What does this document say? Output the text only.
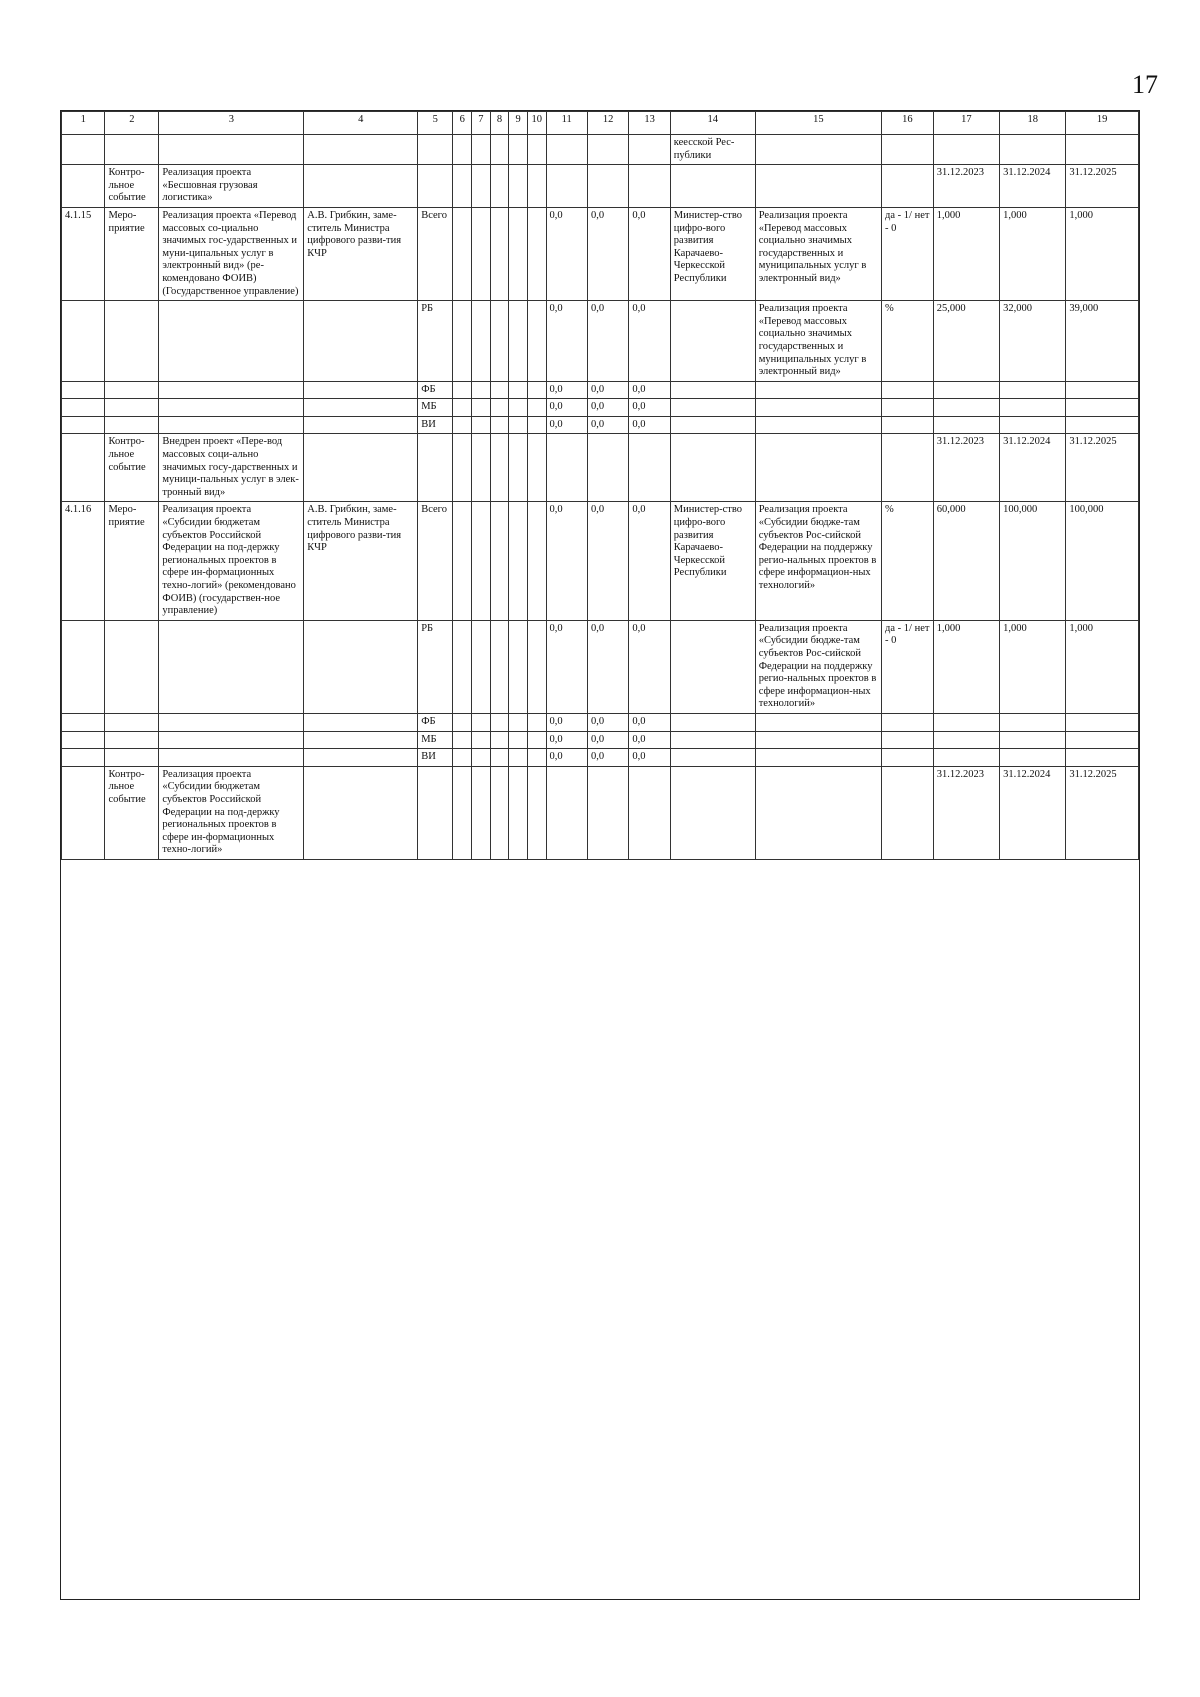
17
1	2	3	4	5	6	7	8	9	10	11	12	13	14	15	16	17	18	19
													кеесской Рес-публики					
	Контро-льное событие	Реализация проекта «Бесшовная грузовая логистика»														31.12.2023	31.12.2024	31.12.2025
4.1.15	Меро-приятие	Реализация проекта «Перевод массовых со-циально значимых гос-ударственных и муни-ципальных услуг в электронный вид» (ре-комендовано ФОИВ) (Государственное управление)	А.В. Грибкин, заме-ститель Министра цифрового разви-тия КЧР	Всего						0,0	0,0	0,0	Министер-ство цифро-вого развития Карачаево-Черкесской Республики	Реализация проекта «Перевод массовых социально значимых государственных и муниципальных услуг в электронный вид»	да - 1/ нет - 0	1,000	1,000	1,000
				РБ						0,0	0,0	0,0		Реализация проекта «Перевод массовых социально значимых государственных и муниципальных услуг в электронный вид»	%	25,000	32,000	39,000
				ФБ						0,0	0,0	0,0						
				МБ						0,0	0,0	0,0						
				ВИ						0,0	0,0	0,0						
	Контро-льное событие	Внедрен проект «Пере-вод массовых соци-ально значимых госу-дарственных и муници-пальных услуг в элек-тронный вид»														31.12.2023	31.12.2024	31.12.2025
4.1.16	Меро-приятие	Реализация проекта «Субсидии бюджетам субъектов Российской Федерации на под-держку региональных проектов в сфере ин-формационных техно-логий» (рекомендовано ФОИВ) (государствен-ное управление)	А.В. Грибкин, заме-ститель Министра цифрового разви-тия КЧР	Всего						0,0	0,0	0,0	Министер-ство цифро-вого развития Карачаево-Черкесской Республики	Реализация проекта «Субсидии бюдже-там субъектов Рос-сийской Федерации на поддержку регио-нальных проектов в сфере информацион-ных технологий»	%	60,000	100,000	100,000
				РБ						0,0	0,0	0,0		Реализация проекта «Субсидии бюдже-там субъектов Рос-сийской Федерации на поддержку регио-нальных проектов в сфере информацион-ных технологий»	да - 1/ нет - 0	1,000	1,000	1,000
				ФБ						0,0	0,0	0,0						
				МБ						0,0	0,0	0,0						
				ВИ						0,0	0,0	0,0						
	Контро-льное событие	Реализация проекта «Субсидии бюджетам субъектов Российской Федерации на под-держку региональных проектов в сфере ин-формационных техно-логий»														31.12.2023	31.12.2024	31.12.2025
